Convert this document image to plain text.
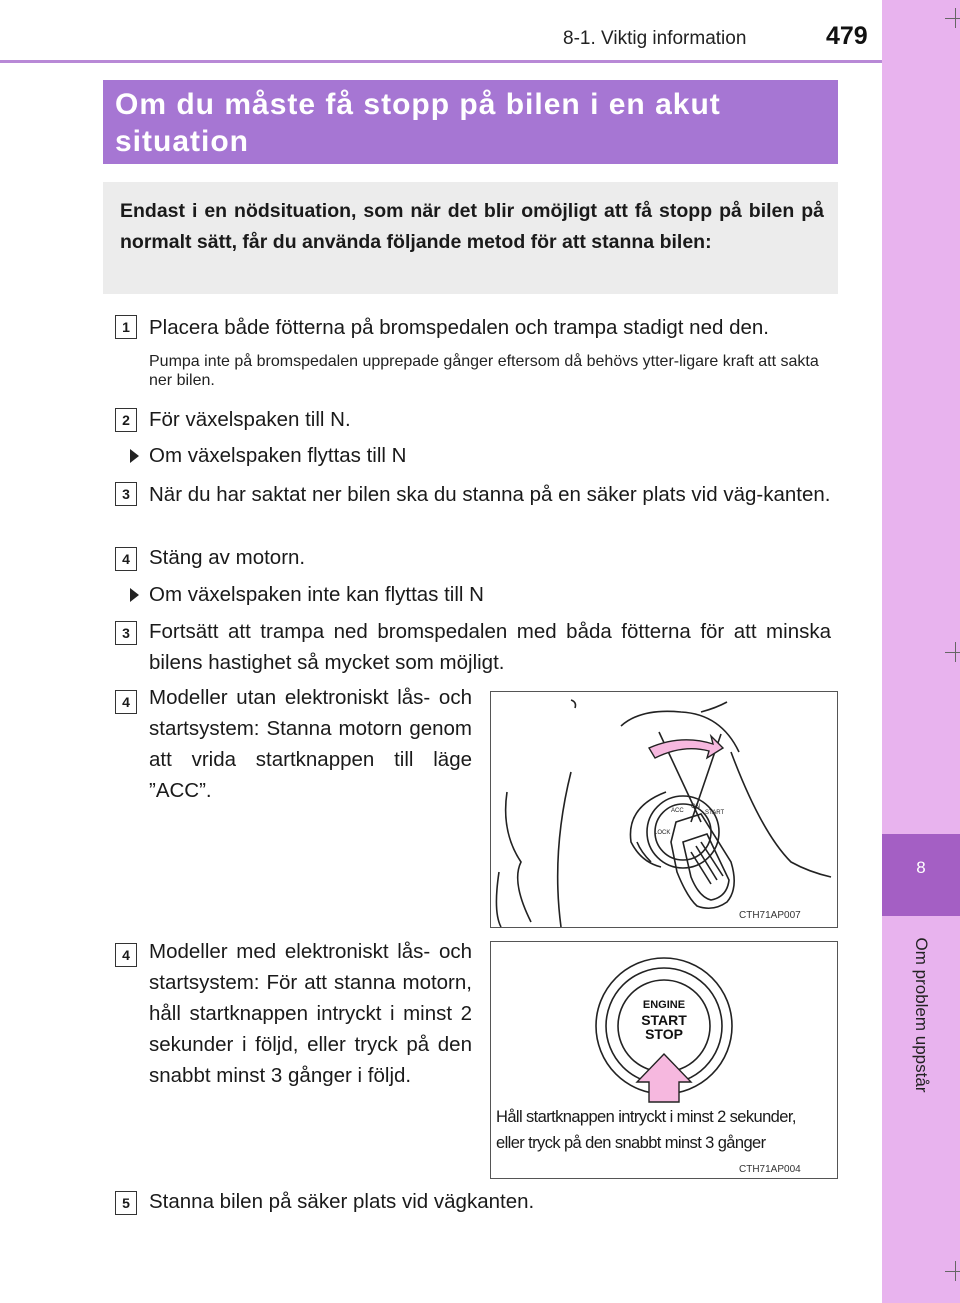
8-1. Viktig information	479
8
Om problem uppstår
Om du måste få stopp på bilen i en akut situation
Endast i en nödsituation, som när det blir omöjligt att få stopp på bilen på normalt sätt, får du använda följande metod för att stanna bilen:
1 Placera både fötterna på bromspedalen och trampa stadigt ned den.
Pumpa inte på bromspedalen upprepade gånger eftersom då behövs ytter-ligare kraft att sakta ner bilen.
2 För växelspaken till N.
Om växelspaken flyttas till N
3 När du har saktat ner bilen ska du stanna på en säker plats vid väg-kanten.
4 Stäng av motorn.
Om växelspaken inte kan flyttas till N
3 Fortsätt att trampa ned bromspedalen med båda fötterna för att minska bilens hastighet så mycket som möjligt.
4 Modeller utan elektroniskt lås- och startsystem: Stanna motorn genom att vrida startknappen till läge ”ACC”.
LOCK
ACC
ON
START
CTH71AP007
4 Modeller med elektroniskt lås- och startsystem: För att stanna motorn, håll startknappen intryckt i minst 2 sekunder i följd, eller tryck på den snabbt minst 3 gånger i följd.
ENGINE
START
STOP
Håll startknappen intryckt i minst 2 sekunder,
eller tryck på den snabbt minst 3 gånger
CTH71AP004
5 Stanna bilen på säker plats vid vägkanten.
